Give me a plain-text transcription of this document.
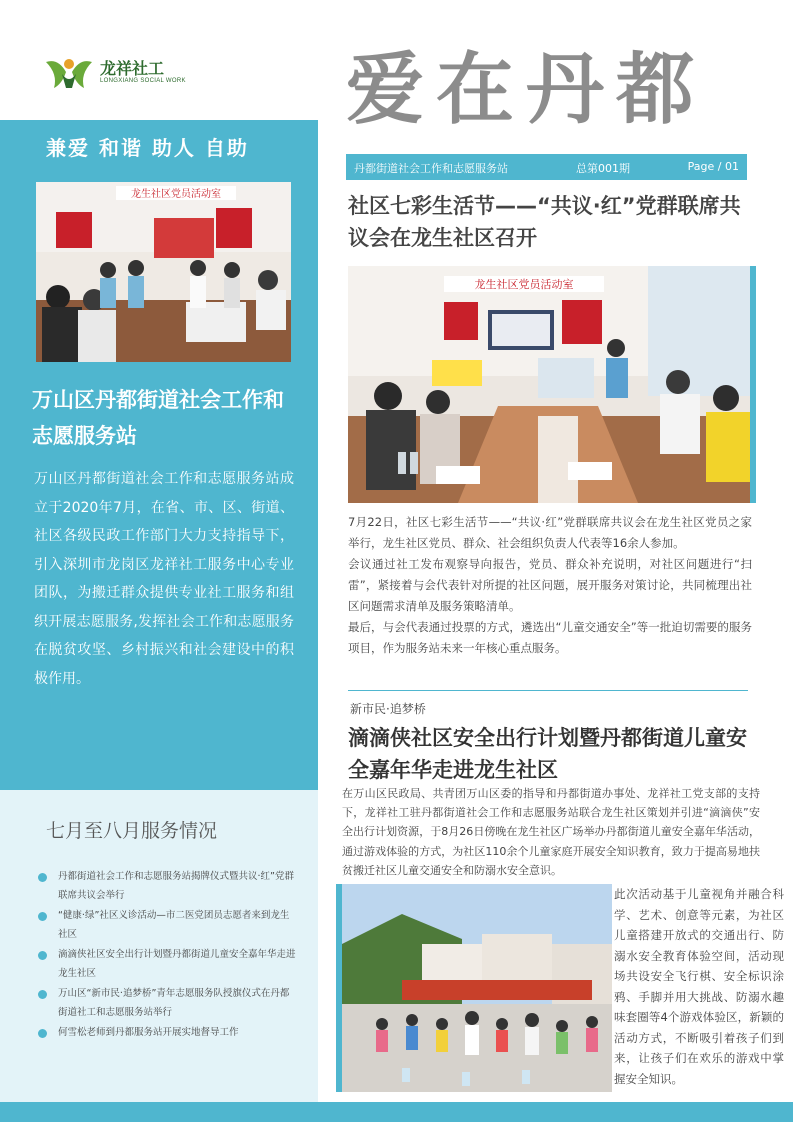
龙祥社工
LONGXIANG SOCIAL WORK
兼爱 和谐 助人 自助
龙生社区党员活动室
万山区丹都街道社会工作和志愿服务站
万山区丹都街道社会工作和志愿服务站成立于2020年7月，在省、市、区、街道、社区各级民政工作部门大力支持指导下，引入深圳市龙岗区龙祥社工服务中心专业团队，为搬迁群众提供专业社工服务和组织开展志愿服务,发挥社会工作和志愿服务在脱贫攻坚、乡村振兴和社会建设中的积极作用。
七月至八月服务情况
丹都街道社会工作和志愿服务站揭牌仪式暨共议·红”党群联席共议会举行
“健康·绿”社区义诊活动—市二医党团员志愿者来到龙生社区
滴滴侠社区安全出行计划暨丹都街道儿童安全嘉年华走进龙生社区
万山区“新市民·追梦桥”青年志愿服务队授旗仪式在丹都街道社工和志愿服务站举行
何雪松老师到丹都服务站开展实地督导工作
爱在丹都
丹都街道社会工作和志愿服务站	总第001期	Page / 01
社区七彩生活节——“共议·红”党群联席共议会在龙生社区召开
龙生社区党员活动室

7月22日，社区七彩生活节——“共议·红”党群联席共议会在龙生社区党员之家举行，龙生社区党员、群众、社会组织负责人代表等16余人参加。

会议通过社工发布观察导向报告，党员、群众补充说明，对社区问题进行“扫雷”，紧接着与会代表针对所提的社区问题，展开服务对策讨论，共同梳理出社区问题需求清单及服务策略清单。

最后，与会代表通过投票的方式，遴选出“儿童交通安全”等一批迫切需要的服务项目，作为服务站未来一年核心重点服务。

新市民·追梦桥
滴滴侠社区安全出行计划暨丹都街道儿童安全嘉年华走进龙生社区
在万山区民政局、共青团万山区委的指导和丹都街道办事处、龙祥社工党支部的支持下，龙祥社工驻丹都街道社会工作和志愿服务站联合龙生社区策划并引进“滴滴侠”安全出行计划资源，于8月26日傍晚在龙生社区广场举办丹都街道儿童安全嘉年华活动，通过游戏体验的方式，为社区110余个儿童家庭开展安全知识教育，致力于提高易地扶贫搬迁社区儿童交通安全和防溺水安全意识。
此次活动基于儿童视角并融合科学、艺术、创意等元素，为社区儿童搭建开放式的交通出行、防溺水安全教育体验空间，活动现场共设安全飞行棋、安全标识涂鸦、手脚并用大挑战、防溺水趣味套圈等4个游戏体验区，新颖的活动方式，不断吸引着孩子们到来，让孩子们在欢乐的游戏中掌握安全知识。
